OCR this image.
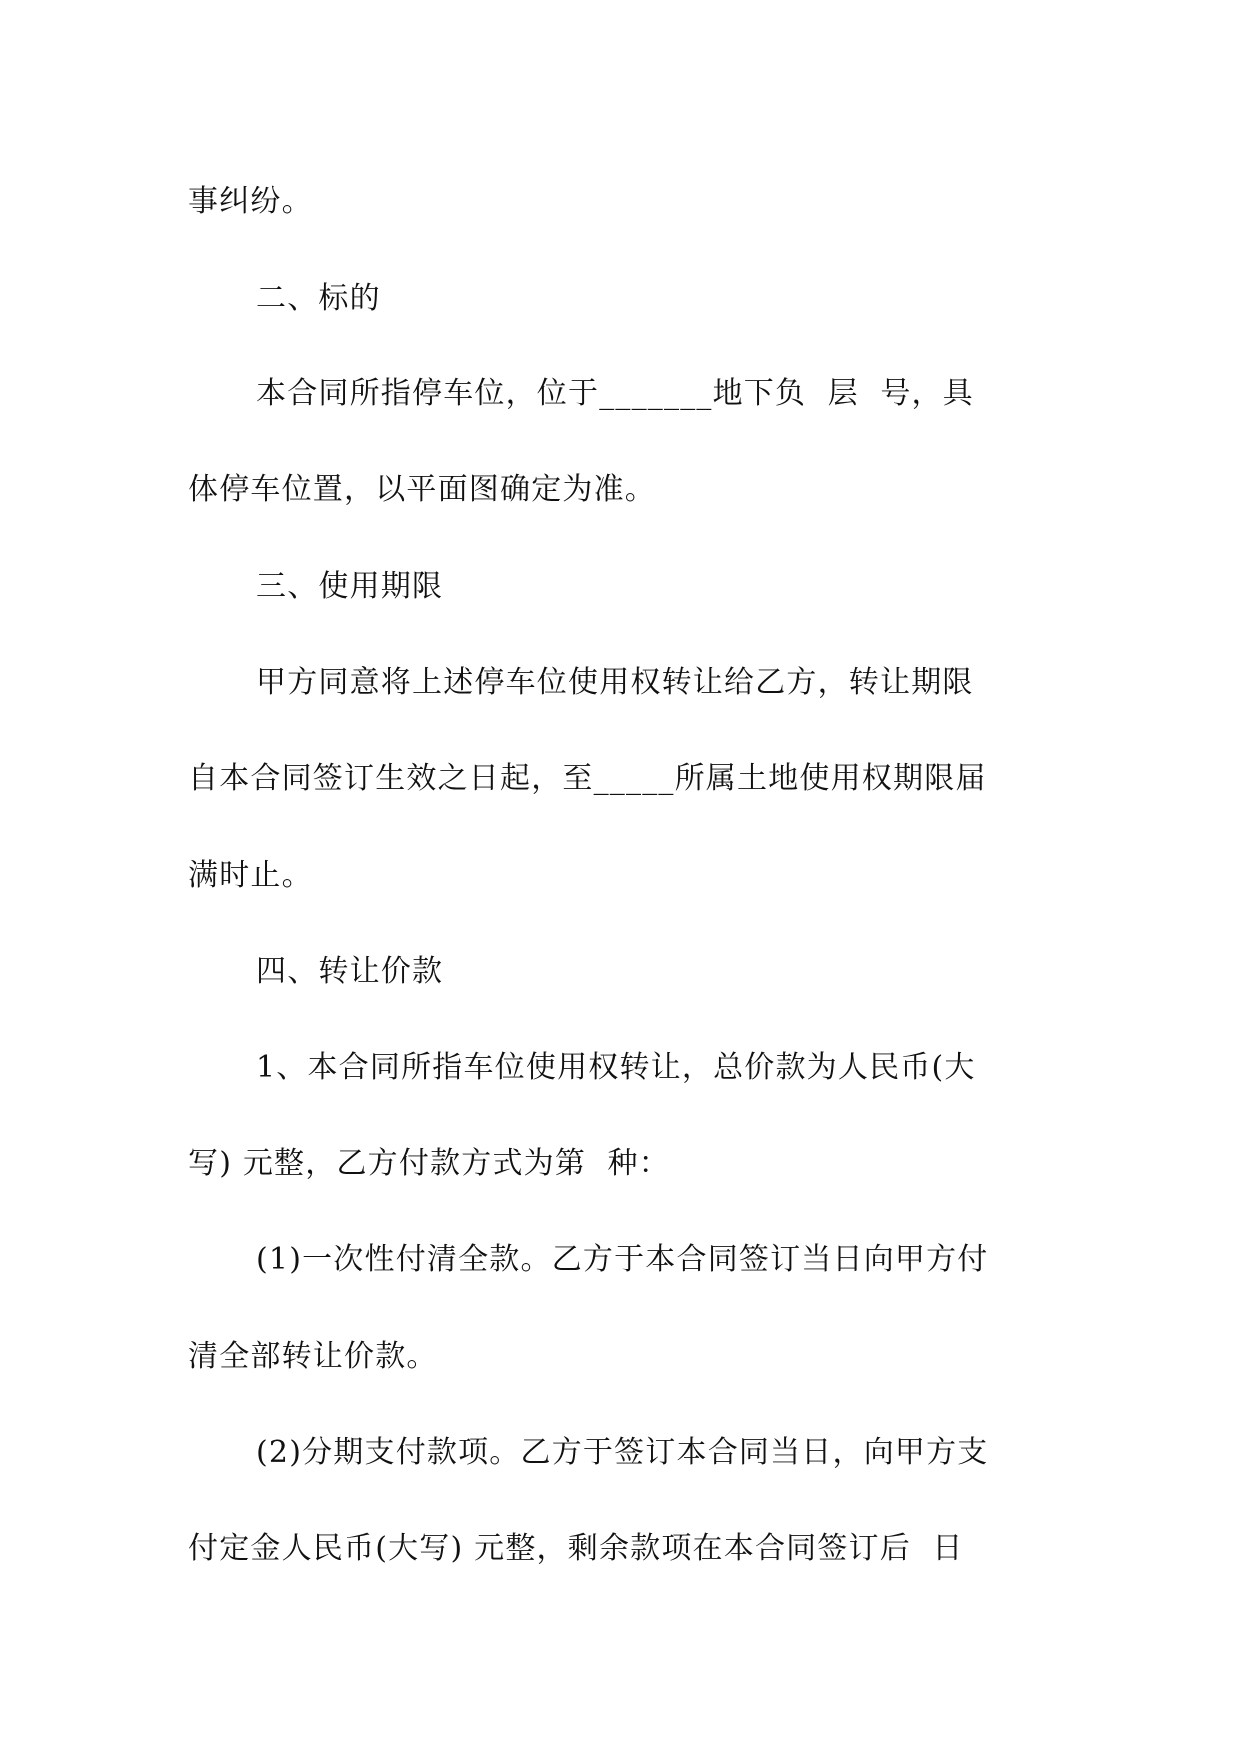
事纠纷。

二、标的

本合同所指停车位，位于_______地下负  层  号，具

体停车位置，以平面图确定为准。

三、使用期限

甲方同意将上述停车位使用权转让给乙方，转让期限

自本合同签订生效之日起，至_____所属土地使用权期限届

满时止。

四、转让价款

1、本合同所指车位使用权转让，总价款为人民币(大

写) 元整，乙方付款方式为第  种：

(1)一次性付清全款。乙方于本合同签订当日向甲方付

清全部转让价款。

(2)分期支付款项。乙方于签订本合同当日，向甲方支

付定金人民币(大写) 元整，剩余款项在本合同签订后  日
